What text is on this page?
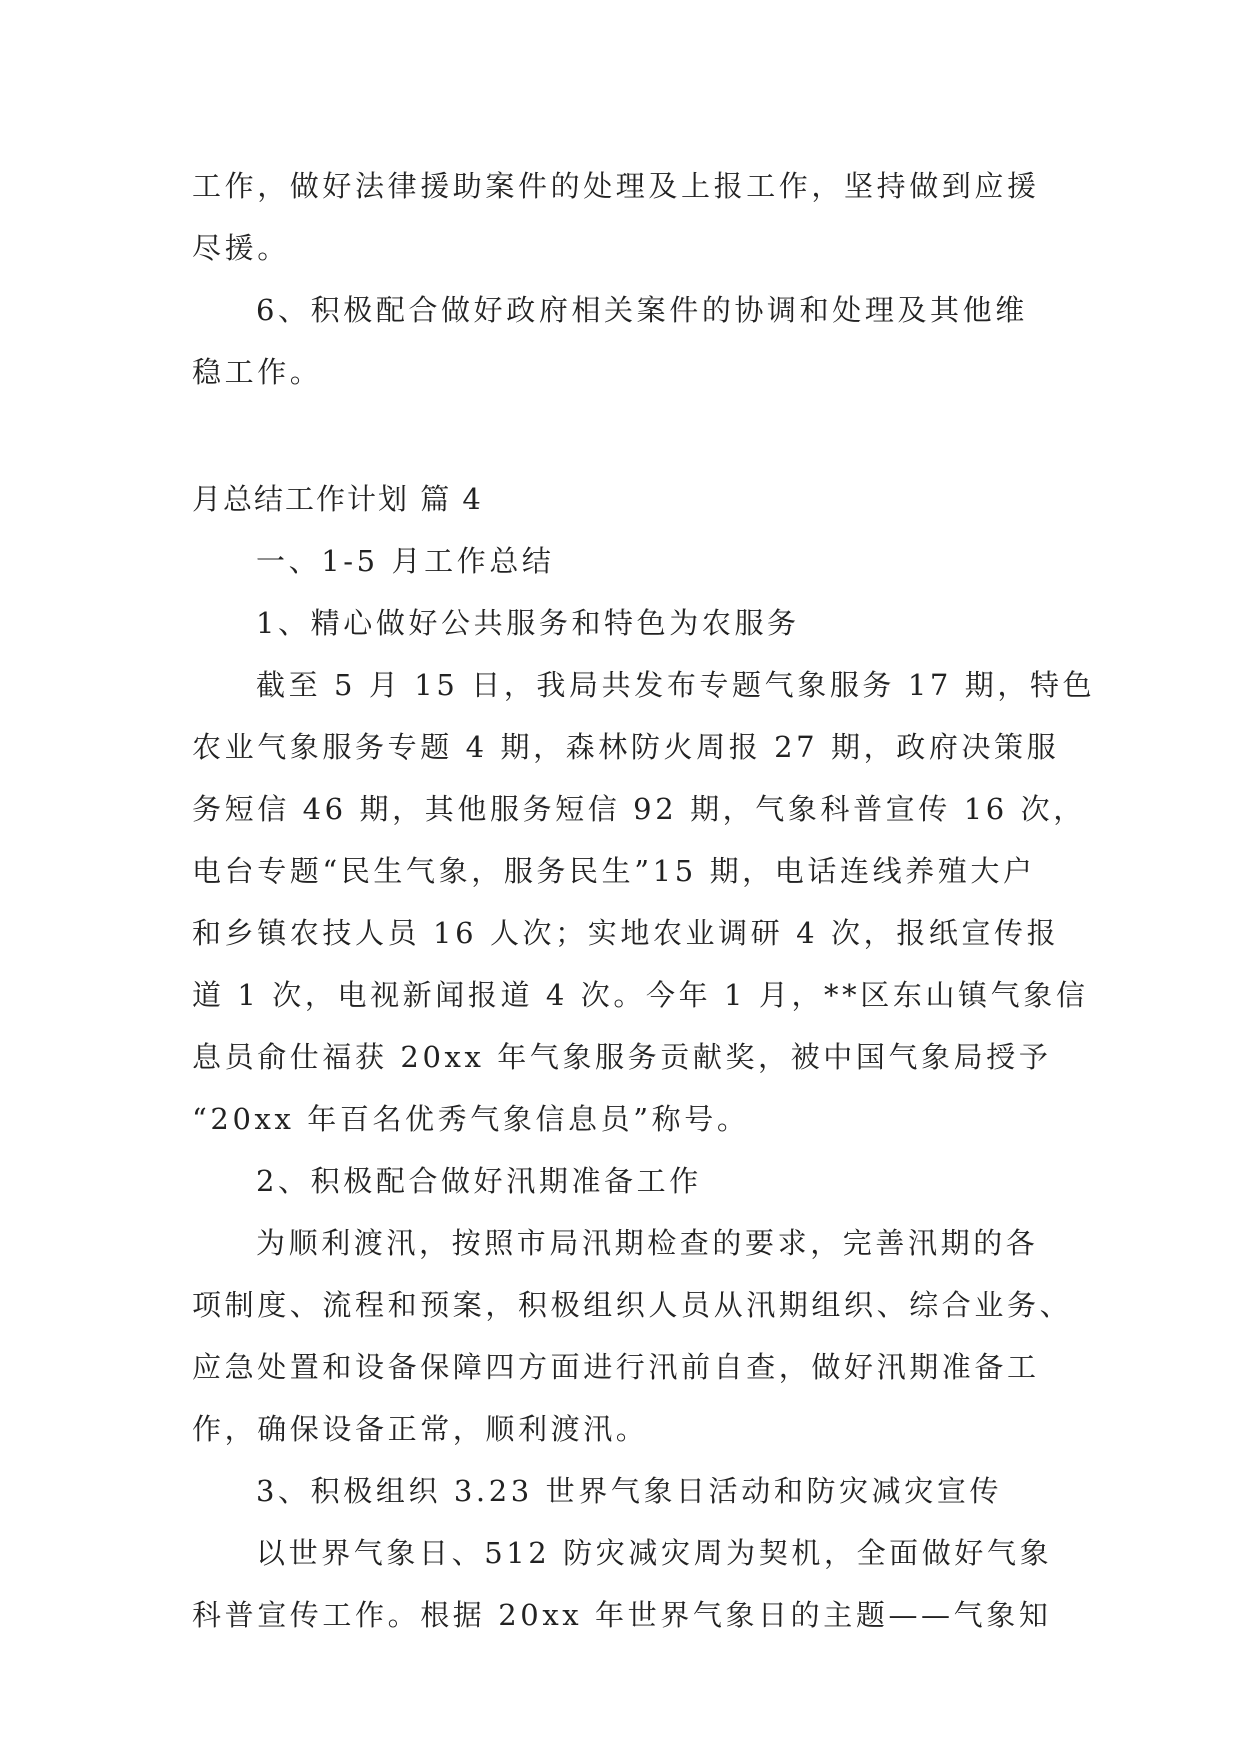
工作，做好法律援助案件的处理及上报工作，坚持做到应援
尽援。
6、积极配合做好政府相关案件的协调和处理及其他维
稳工作。
月总结工作计划 篇 4
一、1-5 月工作总结
1、精心做好公共服务和特色为农服务
截至 5 月 15 日，我局共发布专题气象服务 17 期，特色
农业气象服务专题 4 期，森林防火周报 27 期，政府决策服
务短信 46 期，其他服务短信 92 期，气象科普宣传 16 次，
电台专题“民生气象，服务民生”15 期，电话连线养殖大户
和乡镇农技人员 16 人次；实地农业调研 4 次，报纸宣传报
道 1 次，电视新闻报道 4 次。今年 1 月，**区东山镇气象信
息员俞仕福获 20xx 年气象服务贡献奖，被中国气象局授予
“20xx 年百名优秀气象信息员”称号。
2、积极配合做好汛期准备工作
为顺利渡汛，按照市局汛期检查的要求，完善汛期的各
项制度、流程和预案，积极组织人员从汛期组织、综合业务、
应急处置和设备保障四方面进行汛前自查，做好汛期准备工
作，确保设备正常，顺利渡汛。
3、积极组织 3.23 世界气象日活动和防灾减灾宣传
以世界气象日、512 防灾减灾周为契机，全面做好气象
科普宣传工作。根据 20xx 年世界气象日的主题——气象知
